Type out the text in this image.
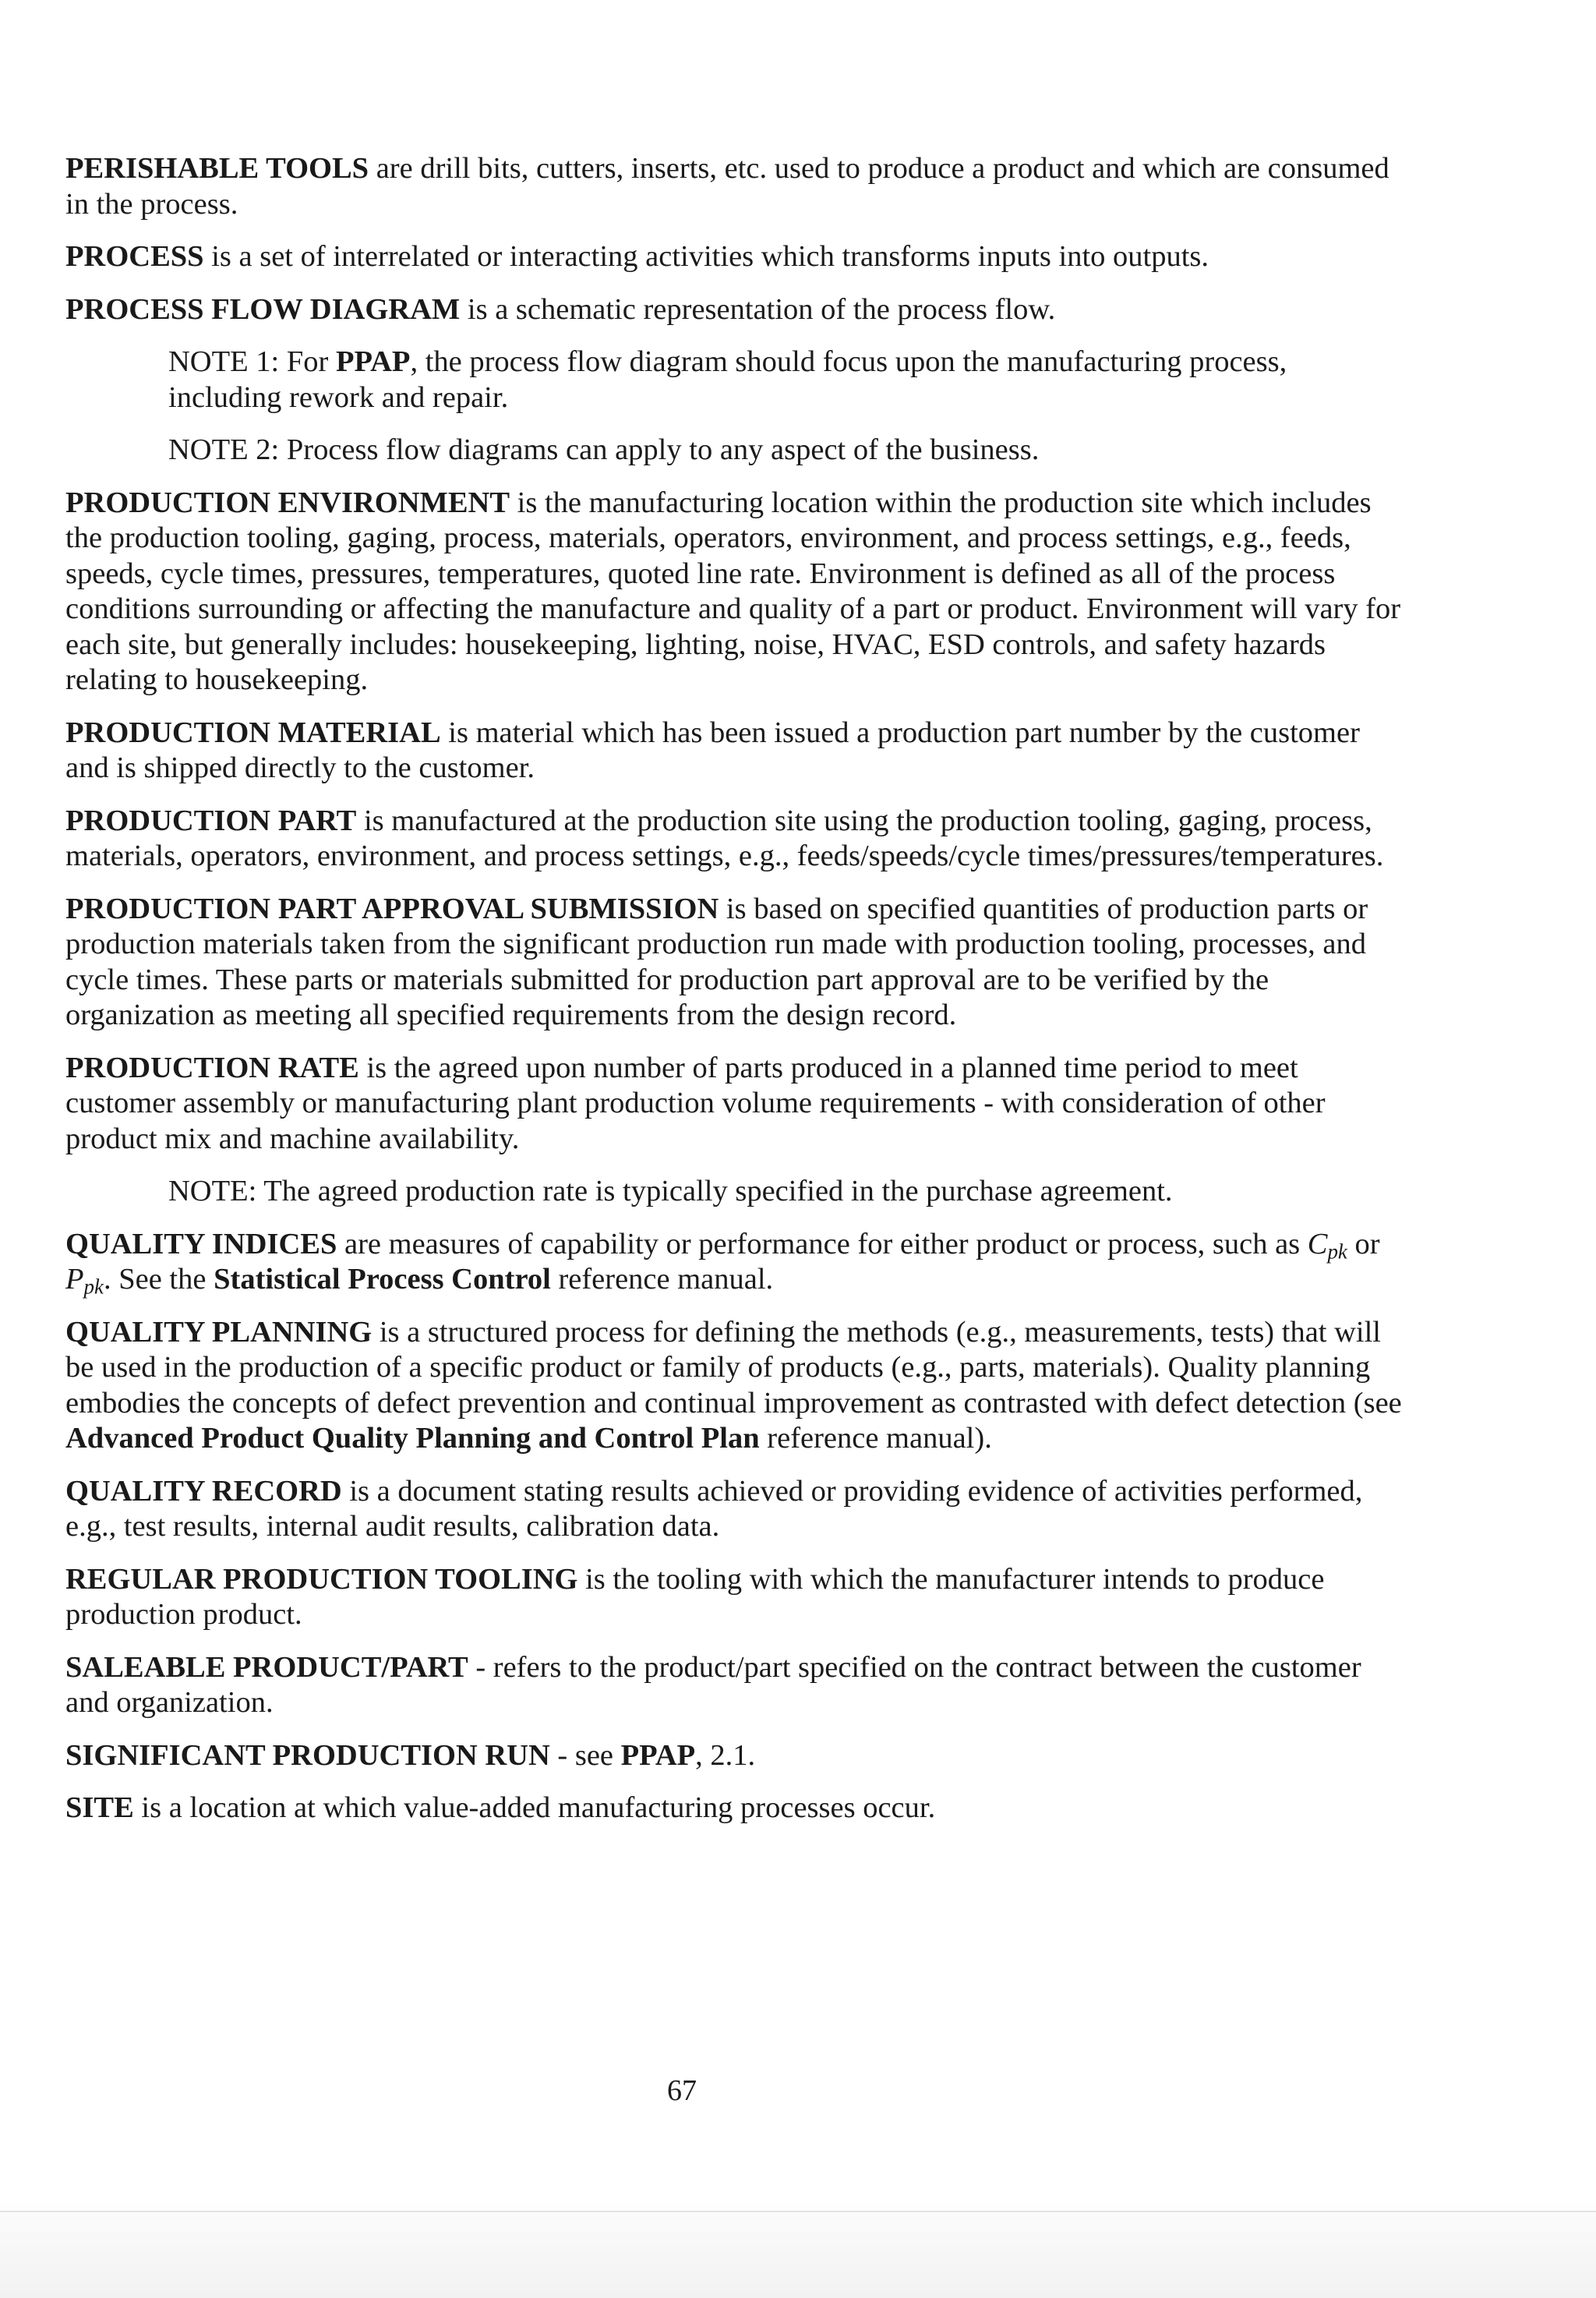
PERISHABLE TOOLS are drill bits, cutters, inserts, etc. used to produce a product and which are consumed in the process.

PROCESS is a set of interrelated or interacting activities which transforms inputs into outputs.

PROCESS FLOW DIAGRAM is a schematic representation of the process flow.

NOTE 1: For PPAP, the process flow diagram should focus upon the manufacturing process, including rework and repair.

NOTE 2: Process flow diagrams can apply to any aspect of the business.

PRODUCTION ENVIRONMENT is the manufacturing location within the production site which includes the production tooling, gaging, process, materials, operators, environment, and process settings, e.g., feeds, speeds, cycle times, pressures, temperatures, quoted line rate. Environment is defined as all of the process conditions surrounding or affecting the manufacture and quality of a part or product. Environment will vary for each site, but generally includes: housekeeping, lighting, noise, HVAC, ESD controls, and safety hazards relating to housekeeping.

PRODUCTION MATERIAL is material which has been issued a production part number by the customer and is shipped directly to the customer.

PRODUCTION PART is manufactured at the production site using the production tooling, gaging, process, materials, operators, environment, and process settings, e.g., feeds/speeds/cycle times/pressures/temperatures.

PRODUCTION PART APPROVAL SUBMISSION is based on specified quantities of production parts or production materials taken from the significant production run made with production tooling, processes, and cycle times. These parts or materials submitted for production part approval are to be verified by the organization as meeting all specified requirements from the design record.

PRODUCTION RATE is the agreed upon number of parts produced in a planned time period to meet customer assembly or manufacturing plant production volume requirements - with consideration of other product mix and machine availability.

NOTE: The agreed production rate is typically specified in the purchase agreement.

QUALITY INDICES are measures of capability or performance for either product or process, such as $C_{pk}$ or $P_{pk}$. See the Statistical Process Control reference manual.

QUALITY PLANNING is a structured process for defining the methods (e.g., measurements, tests) that will be used in the production of a specific product or family of products (e.g., parts, materials). Quality planning embodies the concepts of defect prevention and continual improvement as contrasted with defect detection (see Advanced Product Quality Planning and Control Plan reference manual).

QUALITY RECORD is a document stating results achieved or providing evidence of activities performed, e.g., test results, internal audit results, calibration data.

REGULAR PRODUCTION TOOLING is the tooling with which the manufacturer intends to produce production product.

SALEABLE PRODUCT/PART - refers to the product/part specified on the contract between the customer and organization.

SIGNIFICANT PRODUCTION RUN - see PPAP, 2.1.

SITE is a location at which value-added manufacturing processes occur.

67
